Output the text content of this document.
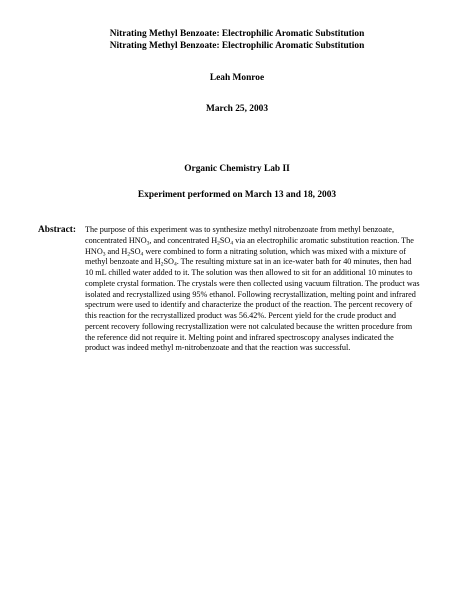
Nitrating Methyl Benzoate: Electrophilic Aromatic Substitution
Nitrating Methyl Benzoate: Electrophilic Aromatic Substitution
Leah Monroe
March 25, 2003
Organic Chemistry Lab II
Experiment performed on March 13 and 18, 2003
Abstract: The purpose of this experiment was to synthesize methyl nitrobenzoate from methyl benzoate,
concentrated $HNO_3$, and concentrated $H_2SO_4$ via an electrophilic aromatic substitution reaction. The
$HNO_3$ and $H_2SO_4$ were combined to form a nitrating solution, which was mixed with a mixture of
methyl benzoate and $H_2SO_4$. The resulting mixture sat in an ice-water bath for 40 minutes, then had
10 mL chilled water added to it. The solution was then allowed to sit for an additional 10 minutes to
complete crystal formation. The crystals were then collected using vacuum filtration. The product was
isolated and recrystallized using 95% ethanol. Following recrystallization, melting point and infrared
spectrum were used to identify and characterize the product of the reaction. The percent recovery of
this reaction for the recrystallized product was 56.42%. Percent yield for the crude product and
percent recovery following recrystallization were not calculated because the written procedure from
the reference did not require it. Melting point and infrared spectroscopy analyses indicated the
product was indeed methyl m-nitrobenzoate and that the reaction was successful.
